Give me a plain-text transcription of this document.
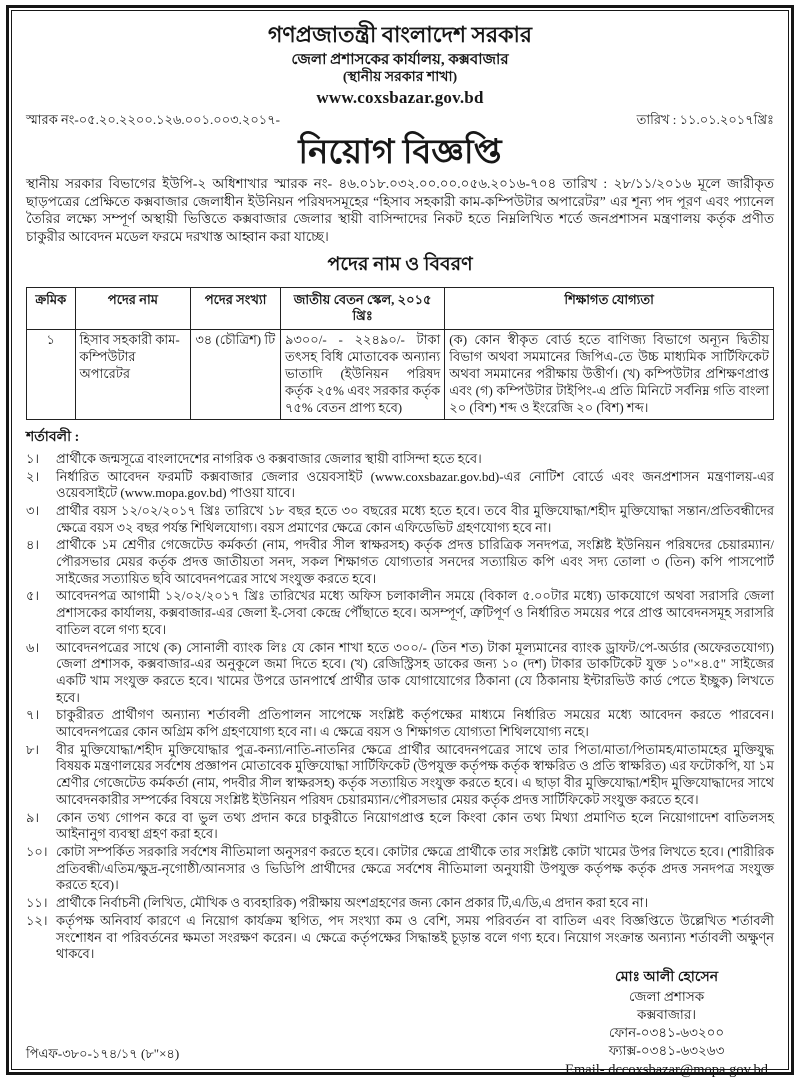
গণপ্রজাতন্ত্রী বাংলাদেশ সরকার
জেলা প্রশাসকের কার্যালয়, কক্সবাজার
(স্থানীয় সরকার শাখা)
www.coxsbazar.gov.bd
স্মারক নং-০৫.২০.২২০০.১২৬.০০১.০০৩.২০১৭-	তারিখ : ১১.০১.২০১৭খ্রিঃ
নিয়োগ বিজ্ঞপ্তি
স্থানীয় সরকার বিভাগের ইউপি-২ অধিশাখার স্মারক নং- ৪৬.০১৮.০৩২.০০.০০.০৫৬.২০১৬-৭০৪ তারিখ : ২৮/১১/২০১৬ মূলে জারীকৃত ছাড়পত্রের প্রেক্ষিতে কক্সবাজার জেলাধীন ইউনিয়ন পরিষদসমূহের “হিসাব সহকারী কাম-কম্পিউটার অপারেটর” এর শূন্য পদ পূরণ এবং প্যানেল তৈরির লক্ষ্যে সম্পূর্ণ অস্থায়ী ভিত্তিতে কক্সবাজার জেলার স্থায়ী বাসিন্দাদের নিকট হতে নিম্নলিখিত শর্তে জনপ্রশাসন মন্ত্রণালয় কর্তৃক প্রণীত চাকুরীর আবেদন মডেল ফরমে দরখাস্ত আহ্বান করা যাচ্ছে।
পদের নাম ও বিবরণ
ক্রমিক	পদের নাম	পদের সংখ্যা	জাতীয় বেতন স্কেল, ২০১৫ খ্রিঃ	শিক্ষাগত যোগ্যতা
১	হিসাব সহকারী কাম-কম্পিউটার অপারেটর	৩৪ (চৌত্রিশ) টি	৯৩০০/- - ২২৪৯০/- টাকা তৎসহ বিধি মোতাবেক অন্যান্য ভাতাদি (ইউনিয়ন পরিষদ কর্তৃক ২৫% এবং সরকার কর্তৃক ৭৫% বেতন প্রাপ্য হবে)	(ক) কোন স্বীকৃত বোর্ড হতে বাণিজ্য বিভাগে অন্যূন দ্বিতীয় বিভাগ অথবা সমমানের জিপিএ-তে উচ্চ মাধ্যমিক সার্টিফিকেট অথবা সমমানের পরীক্ষায় উত্তীর্ণ। (খ) কম্পিউটার প্রশিক্ষণপ্রাপ্ত এবং (গ) কম্পিউটার টাইপিং-এ প্রতি মিনিটে সর্বনিম্ন গতি বাংলা ২০ (বিশ) শব্দ ও ইংরেজি ২০ (বিশ) শব্দ।
শর্তাবলী :
১।	প্রার্থীকে জন্মসূত্রে বাংলাদেশের নাগরিক ও কক্সবাজার জেলার স্থায়ী বাসিন্দা হতে হবে।
২।	নির্ধারিত আবেদন ফরমটি কক্সবাজার জেলার ওয়েবসাইট (www.coxsbazar.gov.bd)-এর নোটিশ বোর্ডে এবং জনপ্রশাসন মন্ত্রণালয়-এর ওয়েবসাইটে (www.mopa.gov.bd) পাওয়া যাবে।
৩।	প্রার্থীর বয়স ১২/০২/২০১৭ খ্রিঃ তারিখে ১৮ বছর হতে ৩০ বছরের মধ্যে হতে হবে। তবে বীর মুক্তিযোদ্ধা/শহীদ মুক্তিযোদ্ধা সন্তান/প্রতিবন্ধীদের ক্ষেত্রে বয়স ৩২ বছর পর্যন্ত শিথিলযোগ্য। বয়স প্রমাণের ক্ষেত্রে কোন এফিডেভিট গ্রহণযোগ্য হবে না।
৪।	প্রার্থীকে ১ম শ্রেণীর গেজেটেড কর্মকর্তা (নাম, পদবীর সীল স্বাক্ষরসহ) কর্তৃক প্রদত্ত চারিত্রিক সনদপত্র, সংশ্লিষ্ট ইউনিয়ন পরিষদের চেয়ারম্যান/পৌরসভার মেয়র কর্তৃক প্রদত্ত জাতীয়তা সনদ, সকল শিক্ষাগত যোগ্যতার সনদের সত্যায়িত কপি এবং সদ্য তোলা ৩ (তিন) কপি পাসপোর্ট সাইজের সত্যায়িত ছবি আবেদনপত্রের সাথে সংযুক্ত করতে হবে।
৫।	আবেদনপত্র আগামী ১২/০২/২০১৭ খ্রিঃ তারিখের মধ্যে অফিস চলাকালীন সময়ে (বিকাল ৫.০০টার মধ্যে) ডাকযোগে অথবা সরাসরি জেলা প্রশাসকের কার্যালয়, কক্সবাজার-এর জেলা ই-সেবা কেন্দ্রে পৌঁছাতে হবে। অসম্পূর্ণ, ত্রুটিপূর্ণ ও নির্ধারিত সময়ের পরে প্রাপ্ত আবেদনসমূহ সরাসরি বাতিল বলে গণ্য হবে।
৬।	আবেদনপত্রের সাথে (ক) সোনালী ব্যাংক লিঃ যে কোন শাখা হতে ৩০০/- (তিন শত) টাকা মূল্যমানের ব্যাংক ড্রাফট/পে-অর্ডার (অফেরতযোগ্য) জেলা প্রশাসক, কক্সবাজার-এর অনুকূলে জমা দিতে হবে। (খ) রেজিস্ট্রিসহ ডাকের জন্য ১০ (দশ) টাকার ডাকটিকেট যুক্ত ১০"×৪.৫" সাইজের একটি খাম সংযুক্ত করতে হবে। খামের উপরে ডানপার্শ্বে প্রার্থীর ডাক যোগাযোগের ঠিকানা (যে ঠিকানায় ইন্টারভিউ কার্ড পেতে ইচ্ছুক) লিখতে হবে।
৭।	চাকুরীরত প্রার্থীগণ অন্যান্য শর্তাবলী প্রতিপালন সাপেক্ষে সংশ্লিষ্ট কর্তৃপক্ষের মাধ্যমে নির্ধারিত সময়ের মধ্যে আবেদন করতে পারবেন। আবেদনপত্রের কোন অগ্রিম কপি গ্রহণযোগ্য হবে না। এ ক্ষেত্রে বয়স ও শিক্ষাগত যোগ্যতা শিথিলযোগ্য নহে।
৮।	বীর মুক্তিযোদ্ধা/শহীদ মুক্তিযোদ্ধার পুত্র-কন্যা/নাতি-নাতনির ক্ষেত্রে প্রার্থীর আবেদনপত্রের সাথে তার পিতা/মাতা/পিতামহ/মাতামহের মুক্তিযুদ্ধ বিষয়ক মন্ত্রণালয়ের সর্বশেষ প্রজ্ঞাপন মোতাবেক মুক্তিযোদ্ধা সার্টিফিকেট (উপযুক্ত কর্তৃপক্ষ কর্তৃক স্বাক্ষরিত ও প্রতি স্বাক্ষরিত) এর ফটোকপি, যা ১ম শ্রেণীর গেজেটেড কর্মকর্তা (নাম, পদবীর সীল স্বাক্ষরসহ) কর্তৃক সত্যায়িত সংযুক্ত করতে হবে। এ ছাড়া বীর মুক্তিযোদ্ধা/শহীদ মুক্তিযোদ্ধাদের সাথে আবেদনকারীর সম্পর্কের বিষয়ে সংশ্লিষ্ট ইউনিয়ন পরিষদ চেয়ারম্যান/পৌরসভার মেয়র কর্তৃক প্রদত্ত সার্টিফিকেট সংযুক্ত করতে হবে।
৯।	কোন তথ্য গোপন করে বা ভুল তথ্য প্রদান করে চাকুরীতে নিয়োগপ্রাপ্ত হলে কিংবা কোন তথ্য মিথ্যা প্রমাণিত হলে নিয়োগাদেশ বাতিলসহ আইনানুগ ব্যবস্থা গ্রহণ করা হবে।
১০। কোটা সম্পর্কিত সরকারি সর্বশেষ নীতিমালা অনুসরণ করতে হবে। কোটার ক্ষেত্রে প্রার্থীকে তার সংশ্লিষ্ট কোটা খামের উপর লিখতে হবে। (শারীরিক প্রতিবন্ধী/এতিম/ক্ষুদ্র-নৃগোষ্ঠী/আনসার ও ভিডিপি প্রার্থীদের ক্ষেত্রে সর্বশেষ নীতিমালা অনুযায়ী উপযুক্ত কর্তৃপক্ষ কর্তৃক প্রদত্ত সনদপত্র সংযুক্ত করতে হবে)।
১১। প্রার্থীকে নির্বাচনী (লিখিত, মৌখিক ও ব্যবহারিক) পরীক্ষায় অংশগ্রহণের জন্য কোন প্রকার টি,এ/ডি,এ প্রদান করা হবে না।
১২। কর্তৃপক্ষ অনিবার্য কারণে এ নিয়োগ কার্যক্রম স্থগিত, পদ সংখ্যা কম ও বেশি, সময় পরিবর্তন বা বাতিল এবং বিজ্ঞপ্তিতে উল্লেখিত শর্তাবলী সংশোধন বা পরিবর্তনের ক্ষমতা সংরক্ষণ করেন। এ ক্ষেত্রে কর্তৃপক্ষের সিদ্ধান্তই চূড়ান্ত বলে গণ্য হবে। নিয়োগ সংক্রান্ত অন্যান্য শর্তাবলী অক্ষুণ্ন থাকবে।
পিএফ-৩৮০-১৭৪/১৭ (৮"×৪)
মোঃ আলী হোসেন
জেলা প্রশাসক
কক্সবাজার।
ফোন-০৩৪১-৬৩২০০
ফ্যাক্স-০৩৪১-৬৩২৬৩
Email- dccoxsbazar@mopa.gov.bd
